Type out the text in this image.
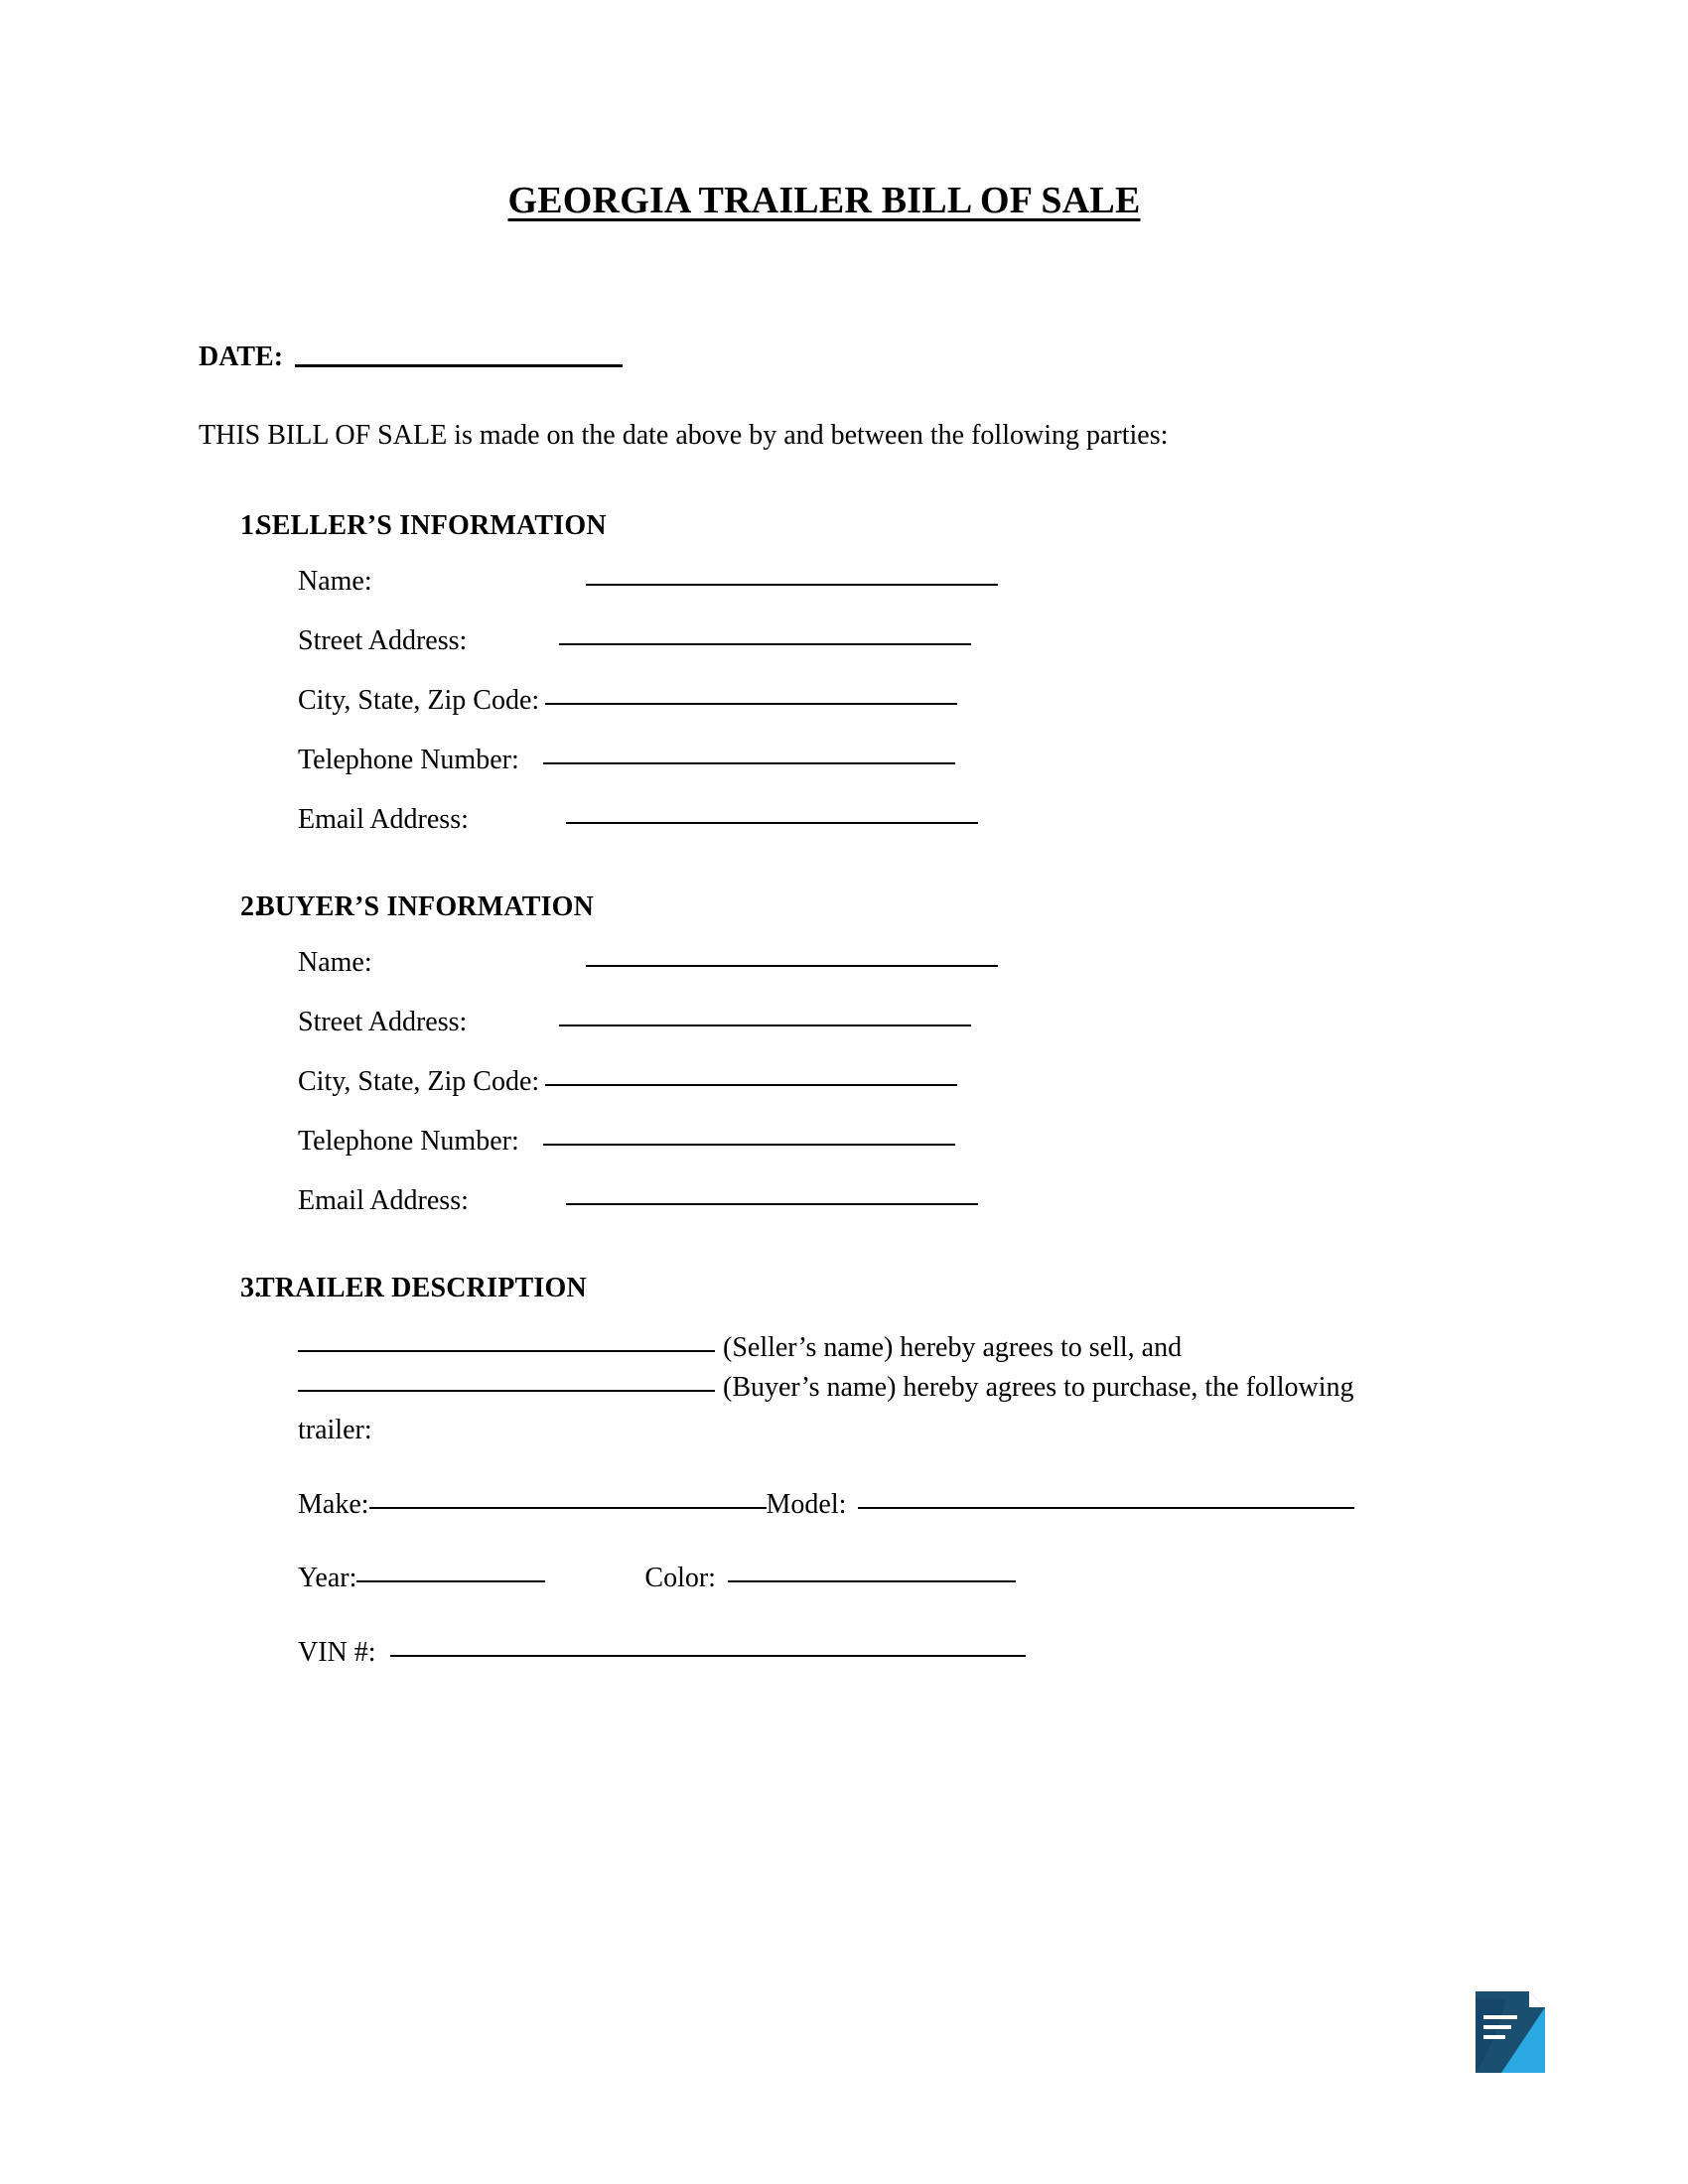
GEORGIA TRAILER BILL OF SALE
DATE:
THIS BILL OF SALE is made on the date above by and between the following parties:
1.
SELLER’S INFORMATION
Name:
Street Address:
City, State, Zip Code:
Telephone Number:
Email Address:
2.
BUYER’S INFORMATION
Name:
Street Address:
City, State, Zip Code:
Telephone Number:
Email Address:
3.
TRAILER DESCRIPTION
(Seller’s name) hereby agrees to sell, and
(Buyer’s name) hereby agrees to purchase, the following
trailer:
Make:	Model:
Year:	Color:
VIN #:
